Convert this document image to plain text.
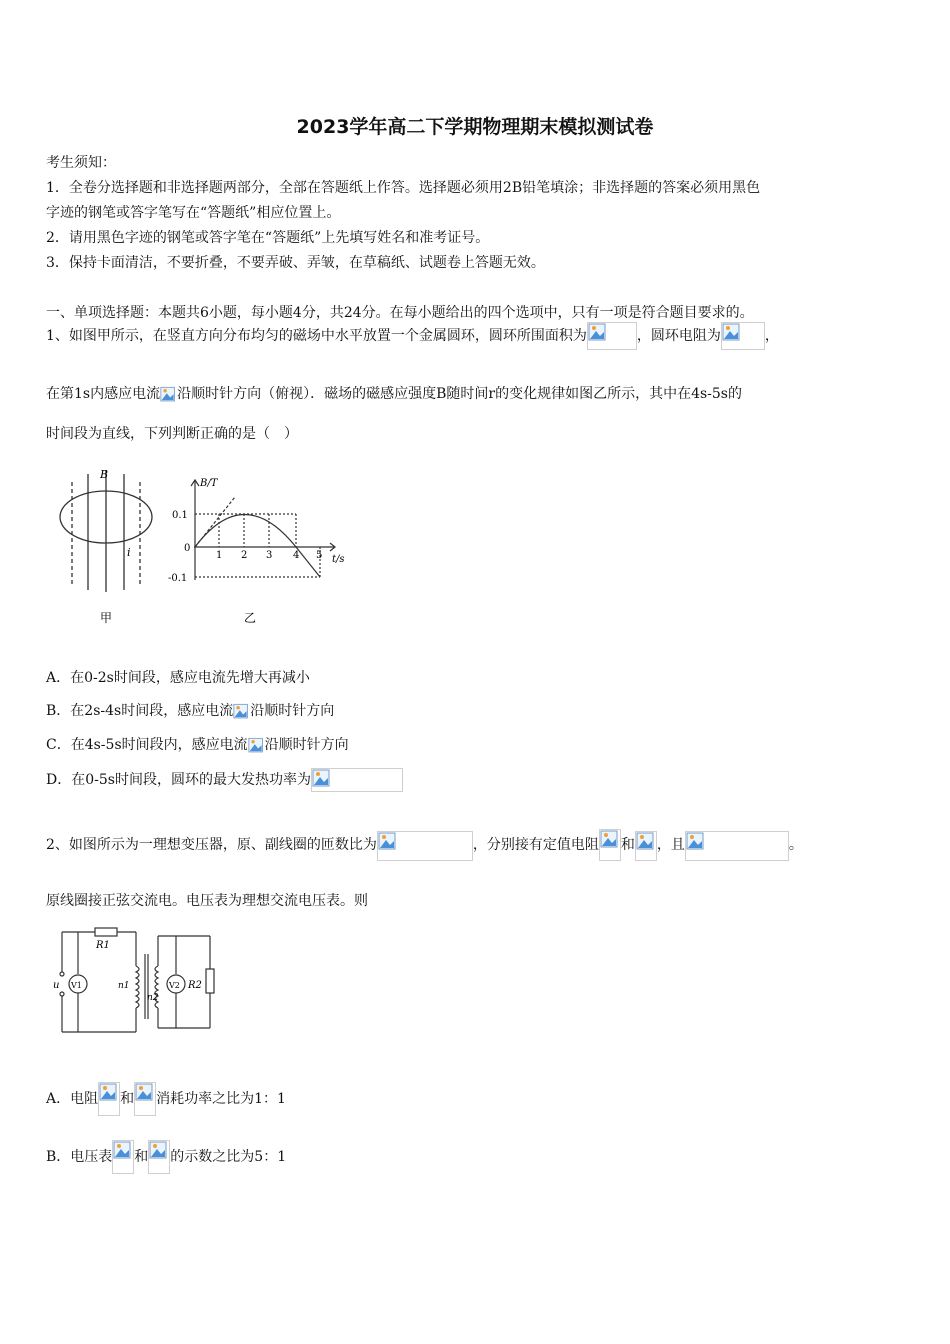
2023学年高二下学期物理期末模拟测试卷
考生须知：
1．全卷分选择题和非选择题两部分，全部在答题纸上作答。选择题必须用2B铅笔填涂；非选择题的答案必须用黑色
字迹的钢笔或答字笔写在“答题纸”相应位置上。
2．请用黑色字迹的钢笔或答字笔在“答题纸”上先填写姓名和准考证号。
3．保持卡面清洁，不要折叠，不要弄破、弄皱，在草稿纸、试题卷上答题无效。
一、单项选择题：本题共6小题，每小题4分，共24分。在每小题给出的四个选项中，只有一项是符合题目要求的。
1、如图甲所示，在竖直方向分布均匀的磁场中水平放置一个金属圆环，圆环所围面积为	，圆环电阻为	，
在第1s内感应电流 沿顺时针方向（俯视）．磁场的磁感应强度B随时间r的变化规律如图乙所示，其中在4s-5s的
时间段为直线，下列判断正确的是（　）
B
i
甲
B/T
t/s
0
0.1
-0.1
1 2 3 4 5
乙
A．在0-2s时间段，感应电流先增大再减小
B．在2s-4s时间段，感应电流 沿顺时针方向
C．在4s-5s时间段内，感应电流 沿顺时针方向
D．在0-5s时间段，圆环的最大发热功率为
2、如图所示为一理想变压器，原、副线圈的匝数比为	，分别接有定值电阻 和 ，且	。
原线圈接正弦交流电。电压表为理想交流电压表。则
R1
R2
V1	V2
n1
n2
u
A．电阻 和 消耗功率之比为1：1
B．电压表 和 的示数之比为5：1
